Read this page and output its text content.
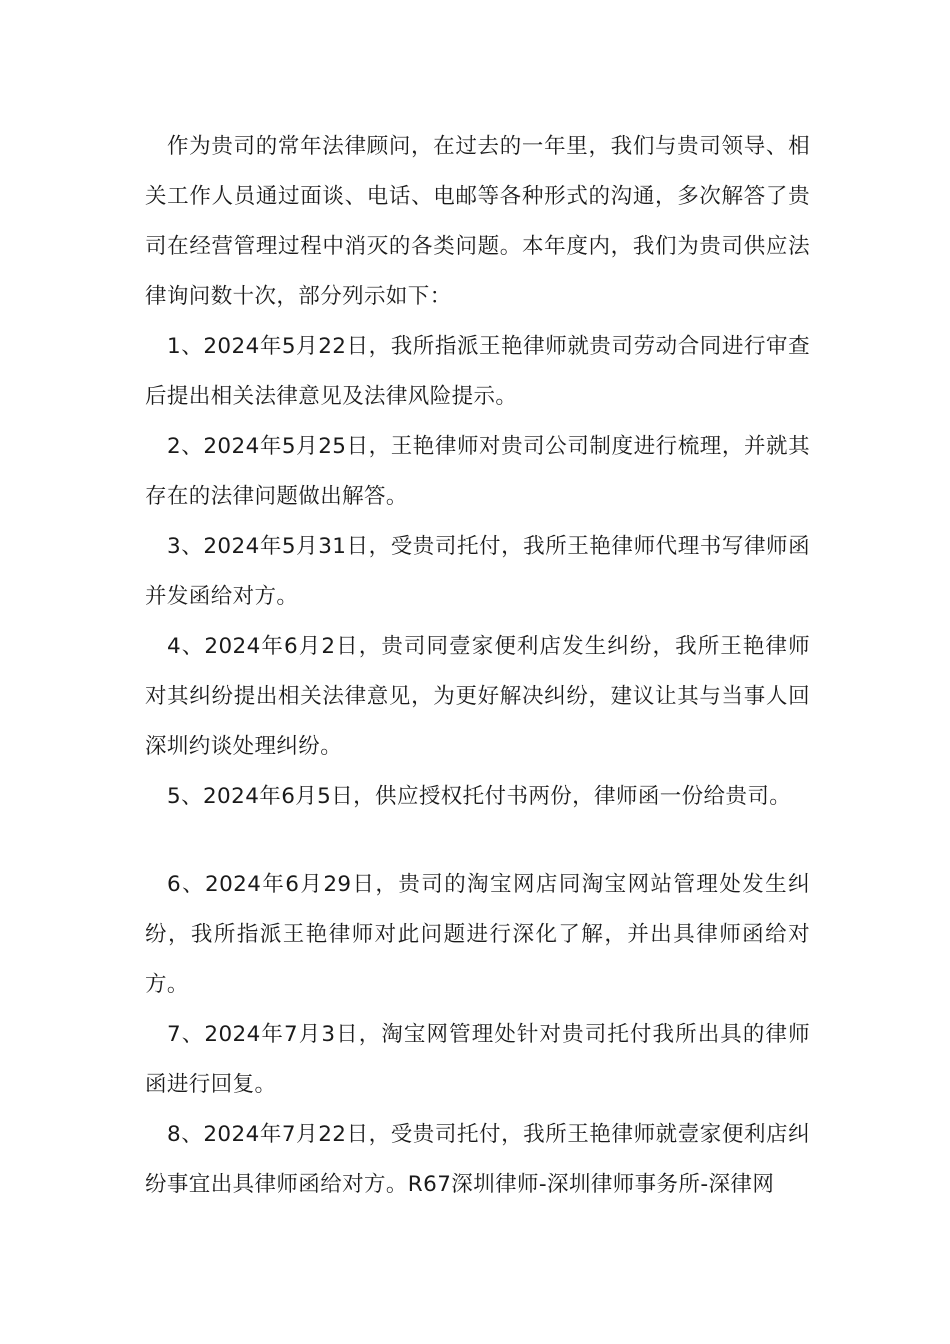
作为贵司的常年法律顾问，在过去的一年里，我们与贵司领导、相关工作人员通过面谈、电话、电邮等各种形式的沟通，多次解答了贵司在经营管理过程中消灭的各类问题。本年度内，我们为贵司供应法律询问数十次，部分列示如下：

1、2024年5月22日，我所指派王艳律师就贵司劳动合同进行审查后提出相关法律意见及法律风险提示。

2、2024年5月25日，王艳律师对贵司公司制度进行梳理，并就其存在的法律问题做出解答。

3、2024年5月31日，受贵司托付，我所王艳律师代理书写律师函并发函给对方。

4、2024年6月2日，贵司同壹家便利店发生纠纷，我所王艳律师对其纠纷提出相关法律意见，为更好解决纠纷，建议让其与当事人回深圳约谈处理纠纷。

5、2024年6月5日，供应授权托付书两份，律师函一份给贵司。

6、2024年6月29日，贵司的淘宝网店同淘宝网站管理处发生纠纷，我所指派王艳律师对此问题进行深化了解，并出具律师函给对方。

7、2024年7月3日，淘宝网管理处针对贵司托付我所出具的律师函进行回复。

8、2024年7月22日，受贵司托付，我所王艳律师就壹家便利店纠纷事宜出具律师函给对方。R67深圳律师-深圳律师事务所-深律网
